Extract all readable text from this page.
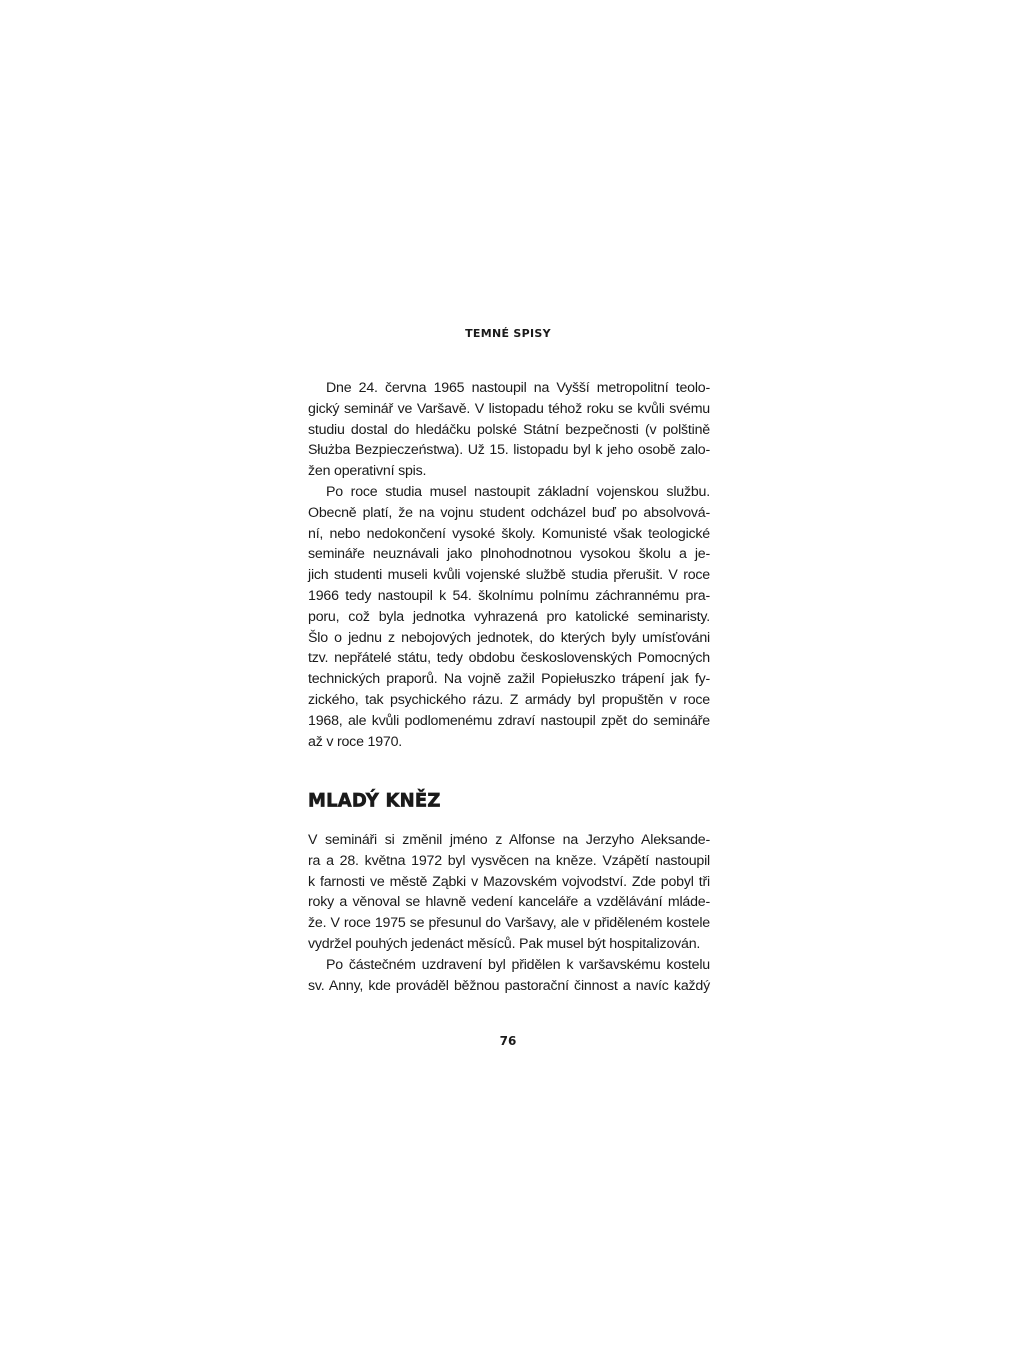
TEMNÉ SPISY
Dne 24. června 1965 nastoupil na Vyšší metropolitní teolo-
gický seminář ve Varšavě. V listopadu téhož roku se kvůli svému
studiu dostal do hledáčku polské Státní bezpečnosti (v polštině
Służba Bezpieczeństwa). Už 15. listopadu byl k jeho osobě zalo-
žen operativní spis.
Po roce studia musel nastoupit základní vojenskou službu.
Obecně platí, že na vojnu student odcházel buď po absolvová-
ní, nebo nedokončení vysoké školy. Komunisté však teologické
semináře neuznávali jako plnohodnotnou vysokou školu a je-
jich studenti museli kvůli vojenské službě studia přerušit. V roce
1966 tedy nastoupil k 54. školnímu polnímu záchrannému pra-
poru, což byla jednotka vyhrazená pro katolické seminaristy.
Šlo o jednu z nebojových jednotek, do kterých byly umísťováni
tzv. nepřátelé státu, tedy obdobu československých Pomocných
technických praporů. Na vojně zažil Popiełuszko trápení jak fy-
zického, tak psychického rázu. Z armády byl propuštěn v roce
1968, ale kvůli podlomenému zdraví nastoupil zpět do semináře
až v roce 1970.
MLADÝ KNĚZ
V semináři si změnil jméno z Alfonse na Jerzyho Aleksande-
ra a 28. května 1972 byl vysvěcen na kněze. Vzápětí nastoupil
k farnosti ve městě Ząbki v Mazovském vojvodství. Zde pobyl tři
roky a věnoval se hlavně vedení kanceláře a vzdělávání mláde-
že. V roce 1975 se přesunul do Varšavy, ale v přiděleném kostele
vydržel pouhých jedenáct měsíců. Pak musel být hospitalizován.
Po částečném uzdravení byl přidělen k varšavskému kostelu
sv. Anny, kde prováděl běžnou pastorační činnost a navíc každý
76
